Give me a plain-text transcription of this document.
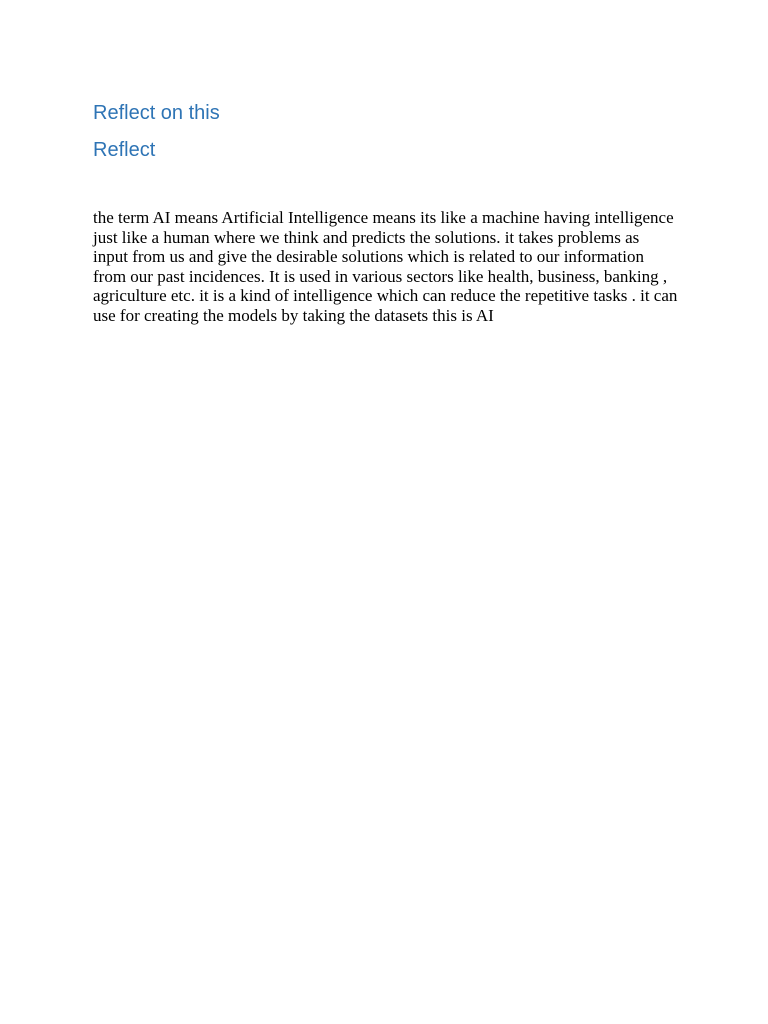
Reflect on this
Reflect

the term AI means Artificial Intelligence means its like a machine having intelligence just like a human where we think and predicts the solutions. it takes problems as input from us and give the desirable solutions which is related to our information from our past incidences. It is used in various sectors like health, business, banking , agriculture etc. it is a kind of intelligence which can reduce the repetitive tasks . it can use for creating the models by taking the datasets this is AI
